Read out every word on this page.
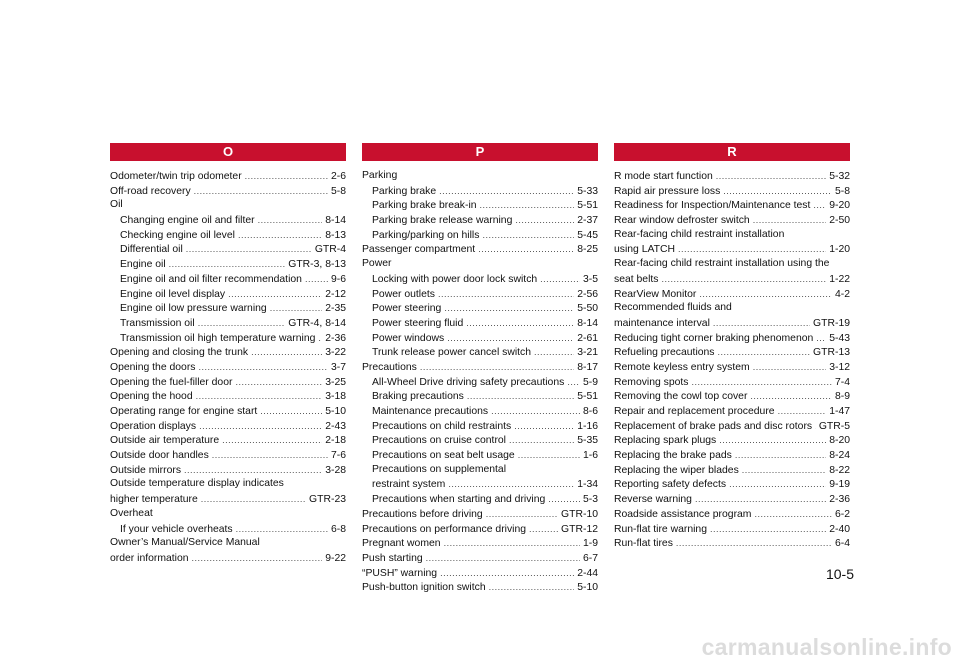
O
Odometer/twin trip odometer .....	2-6
Off-road recovery .....	5-8
Oil
Changing engine oil and filter .....	8-14
Checking engine oil level .....	8-13
Differential oil .....	GTR-4
Engine oil .....	GTR-3, 8-13
Engine oil and oil filter recommendation .....	9-6
Engine oil level display .....	2-12
Engine oil low pressure warning .....	2-35
Transmission oil .....	GTR-4, 8-14
Transmission oil high temperature warning ..... 2-36
Opening and closing the trunk .....	3-22
Opening the doors .....	3-7
Opening the fuel-filler door .....	3-25
Opening the hood .....	3-18
Operating range for engine start .....	5-10
Operation displays .....	2-43
Outside air temperature .....	2-18
Outside door handles .....	7-6
Outside mirrors .....	3-28
Outside temperature display indicates
higher temperature .....	GTR-23
Overheat
If your vehicle overheats .....	6-8
Owner’s Manual/Service Manual
order information .....	9-22
P
Parking
Parking brake .....	5-33
Parking brake break-in .....	5-51
Parking brake release warning .....	2-37
Parking/parking on hills .....	5-45
Passenger compartment .....	8-25
Power
Locking with power door lock switch .....	3-5
Power outlets .....	2-56
Power steering .....	5-50
Power steering fluid .....	8-14
Power windows .....	2-61
Trunk release power cancel switch .....	3-21
Precautions .....	8-17
All-Wheel Drive driving safety precautions ..... 5-9
Braking precautions .....	5-51
Maintenance precautions .....	8-6
Precautions on child restraints .....	1-16
Precautions on cruise control .....	5-35
Precautions on seat belt usage .....	1-6
Precautions on supplemental
restraint system .....	1-34
Precautions when starting and driving .....	5-3
Precautions before driving .....	GTR-10
Precautions on performance driving .....	GTR-12
Pregnant women .....	1-9
Push starting .....	6-7
“PUSH” warning .....	2-44
Push-button ignition switch .....	5-10
R
R mode start function .....	5-32
Rapid air pressure loss .....	5-8
Readiness for Inspection/Maintenance test ..... 9-20
Rear window defroster switch .....	2-50
Rear-facing child restraint installation
using LATCH .....	1-20
Rear-facing child restraint installation using the
seat belts .....	1-22
RearView Monitor .....	4-2
Recommended fluids and
maintenance interval .....	GTR-19
Reducing tight corner braking phenomenon ..... 5-43
Refueling precautions .....	GTR-13
Remote keyless entry system .....	3-12
Removing spots .....	7-4
Removing the cowl top cover .....	8-9
Repair and replacement procedure .....	1-47
Replacement of brake pads and disc rotors ..... GTR-5
Replacing spark plugs .....	8-20
Replacing the brake pads .....	8-24
Replacing the wiper blades .....	8-22
Reporting safety defects .....	9-19
Reverse warning .....	2-36
Roadside assistance program .....	6-2
Run-flat tire warning .....	2-40
Run-flat tires .....	6-4
10-5
carmanualsonline.info
